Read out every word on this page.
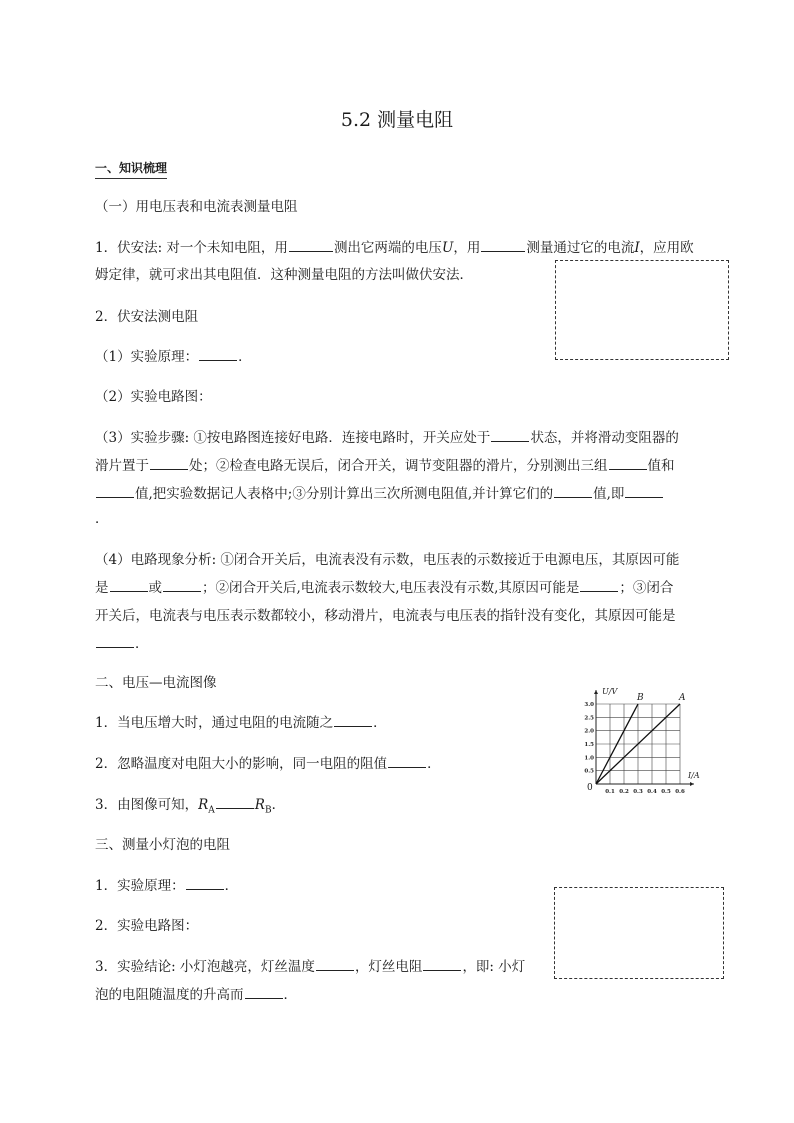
5.2 测量电阻
一、知识梳理
（一）用电压表和电流表测量电阻
1．伏安法: 对一个未知电阻，用	测出它两端的电压U，用	测量通过它的电流I，应用欧
姆定律，就可求出其电阻值．这种测量电阻的方法叫做伏安法．
2．伏安法测电阻
（1）实验原理：	．
（2）实验电路图：
（3）实验步骤: ①按电路图连接好电路．连接电路时，开关应处于	状态，并将滑动变阻器的
滑片置于	处；②检查电路无误后，闭合开关，调节变阻器的滑片，分别测出三组	值和
值,把实验数据记人表格中;③分别计算出三次所测电阻值,并计算它们的	值,即
．
（4）电路现象分析: ①闭合开关后，电流表没有示数，电压表的示数接近于电源电压，其原因可能
是	或	；②闭合开关后,电流表示数较大,电压表没有示数,其原因可能是	；③闭合
开关后，电流表与电压表示数都较小，移动滑片，电流表与电压表的指针没有变化，其原因可能是
．
二、电压—电流图像
1．当电压增大时，通过电阻的电流随之	．
2．忽略温度对电阻大小的影响，同一电阻的阻值	．
3．由图像可知，$R_A$	$R_B$．
U/V
I/A
0 0.1 0.2 0.3 0.4 0.5 0.6
0.5
1.0
1.5
2.0
2.5
3.0
B	A
三、测量小灯泡的电阻
1．实验原理：	．
2．实验电路图：
3．实验结论: 小灯泡越亮，灯丝温度	，灯丝电阻	，即: 小灯
泡的电阻随温度的升高而	．
